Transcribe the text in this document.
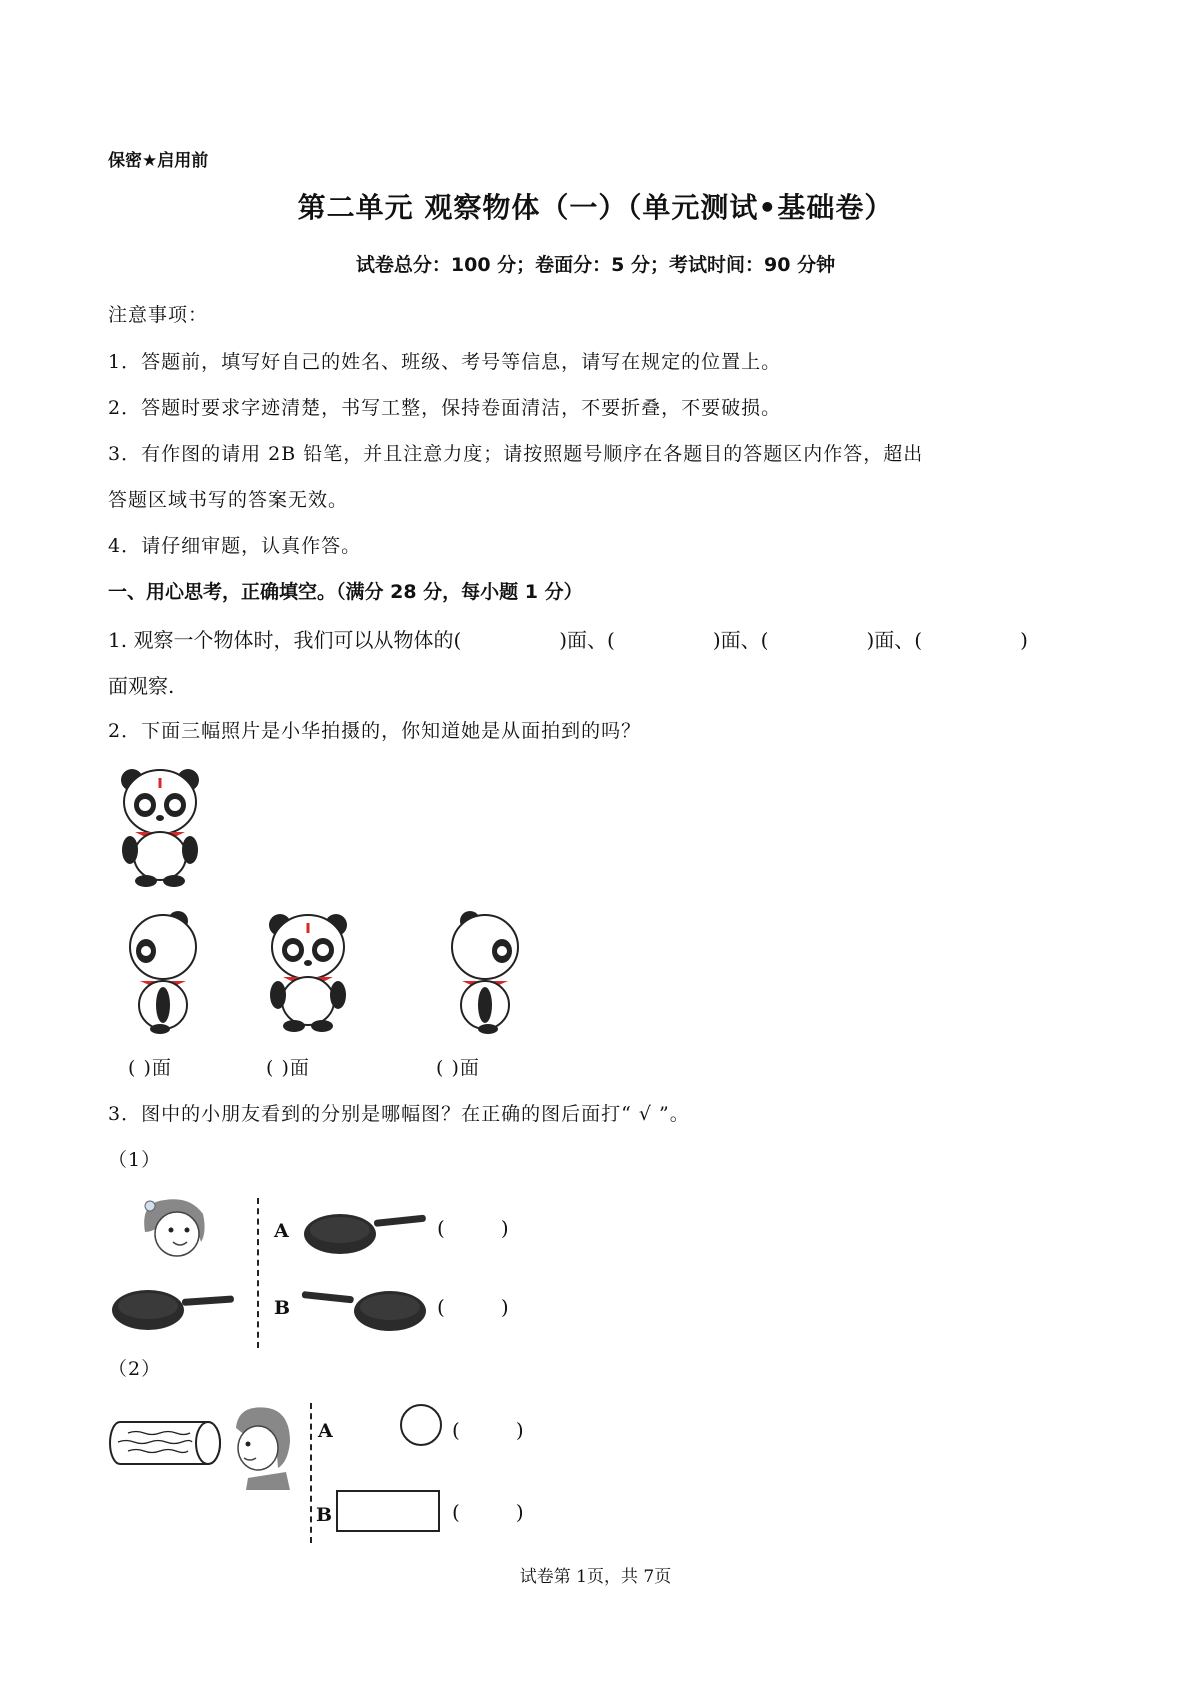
保密★启用前
第二单元 观察物体（一）（单元测试•基础卷）
试卷总分：100 分；卷面分：5 分；考试时间：90 分钟
注意事项：
1．答题前，填写好自己的姓名、班级、考号等信息，请写在规定的位置上。
2．答题时要求字迹清楚，书写工整，保持卷面清洁，不要折叠，不要破损。
3．有作图的请用 2B 铅笔，并且注意力度；请按照题号顺序在各题目的答题区内作答，超出
答题区域书写的答案无效。
4．请仔细审题，认真作答。
一、用心思考，正确填空。（满分 28 分，每小题 1 分）
1. 观察一个物体时，我们可以从物体的(	)面、(	)面、(	)面、(	)
面观察.
2．下面三幅照片是小华拍摄的，你知道她是从面拍到的吗？
( )面	( )面	( )面
3．图中的小朋友看到的分别是哪幅图？在正确的图后面打“ √ ”。
（1）
A	(	)
B	(	)
（2）
A	(	)
B	(	)
试卷第 1页，共 7页
